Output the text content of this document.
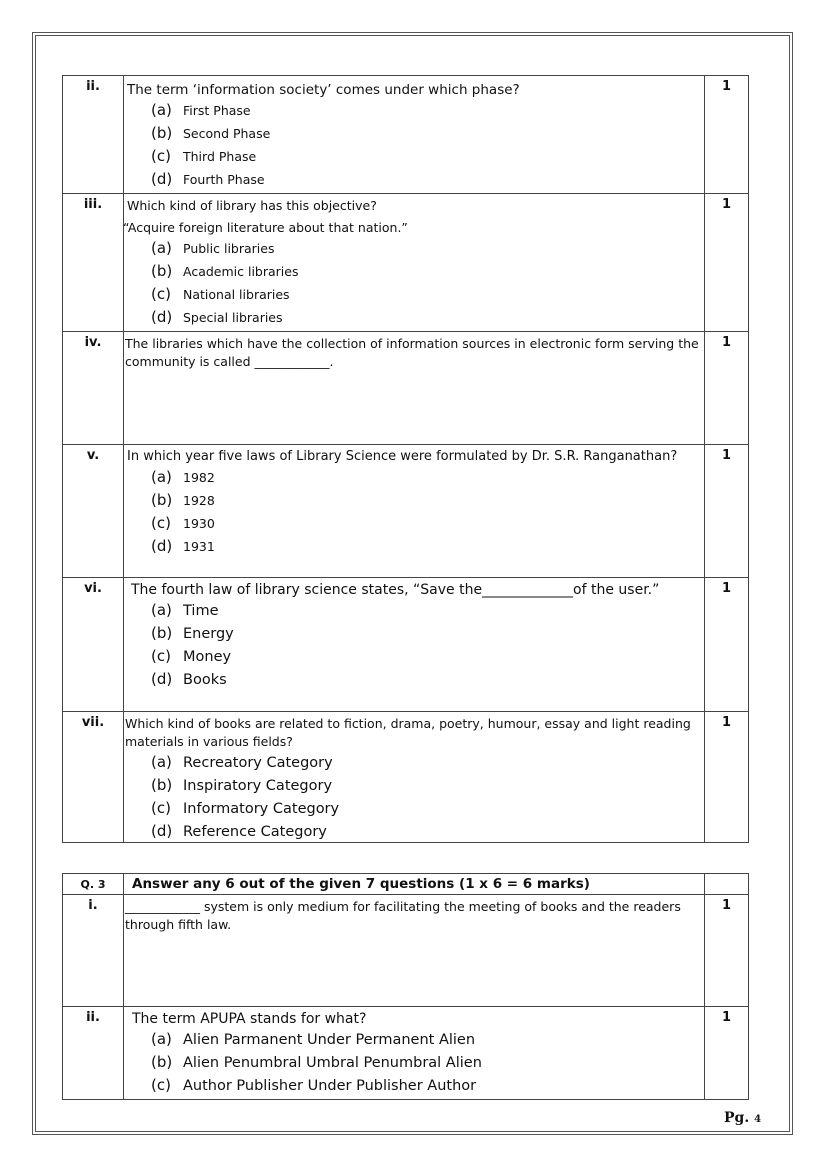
ii.	The term ‘information society’ comes under which phase?
(a) First Phase
(b) Second Phase
(c) Third Phase
(d) Fourth Phase
	1
iii.	Which kind of library has this objective?
“Acquire foreign literature about that nation.”
(a) Public libraries
(b) Academic libraries
(c) National libraries
(d) Special libraries
	1
iv.	The libraries which have the collection of information sources in electronic form serving the community is called ____________.	1
v.	In which year five laws of Library Science were formulated by Dr. S.R. Ranganathan?
(a) 1982
(b) 1928
(c) 1930
(d) 1931
	1
vi.	The fourth law of library science states, “Save the_____________of the user.”
(a) Time
(b) Energy
(c) Money
(d) Books
	1
vii.	Which kind of books are related to fiction, drama, poetry, humour, essay and light reading materials in various fields?
(a) Recreatory Category
(b) Inspiratory Category
(c) Informatory Category
(d) Reference Category
	1
Q. 3	Answer any 6 out of the given 7 questions (1 x 6 = 6 marks)	
i.	____________ system is only medium for facilitating the meeting of books and the readers through fifth law.	1
ii.	The term APUPA stands for what?
(a) Alien Parmanent Under Permanent Alien
(b) Alien Penumbral Umbral Penumbral Alien
(c) Author Publisher Under Publisher Author
	1
Pg. 4
